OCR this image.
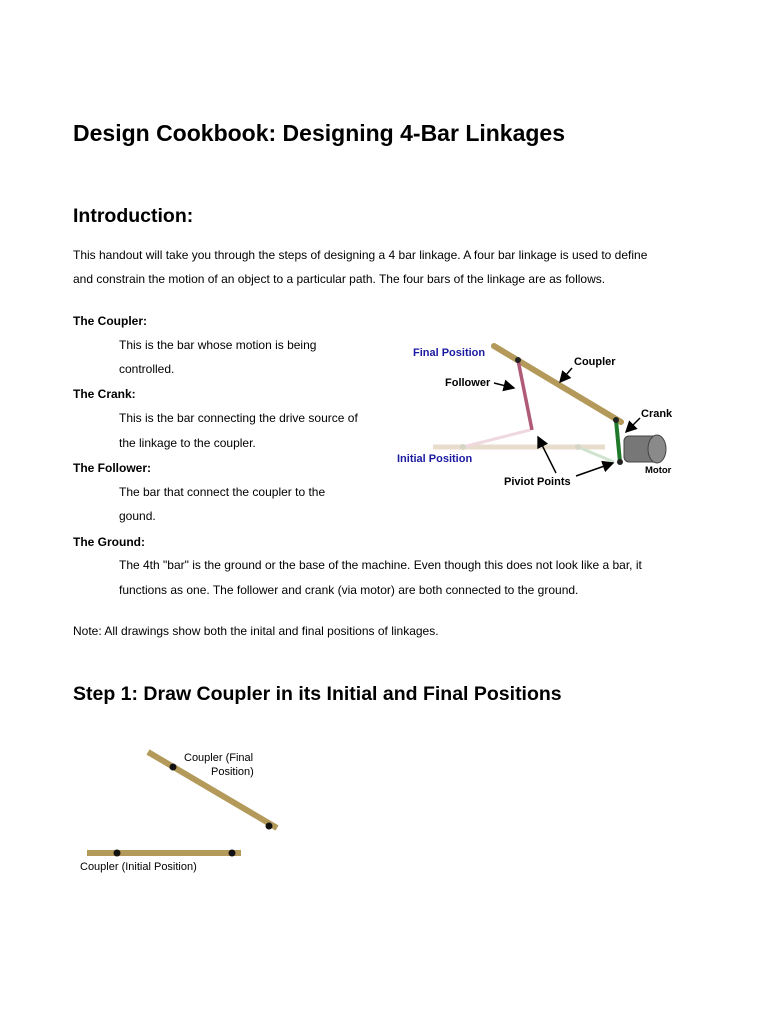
Design Cookbook: Designing 4-Bar Linkages
Introduction:
This handout will take you through the steps of designing a 4 bar linkage. A four bar linkage is used to define
and constrain the motion of an object to a particular path. The four bars of the linkage are as follows.
The Coupler:
This is the bar whose motion is being
controlled.
The Crank:
This is the bar connecting the drive source of
the linkage to the coupler.
The Follower:
The bar that connect the coupler to the
gound.
The Ground:
The 4th "bar" is the ground or the base of the machine. Even though this does not look like a bar, it
functions as one. The follower and crank (via motor) are both connected to the ground.
Note: All drawings show both the inital and final positions of linkages.
Step 1: Draw Coupler in its Initial and Final Positions
Final Position
Coupler
Follower
Crank
Initial Position
Piviot Points
Motor
Coupler (Final
Position)
Coupler (Initial Position)
